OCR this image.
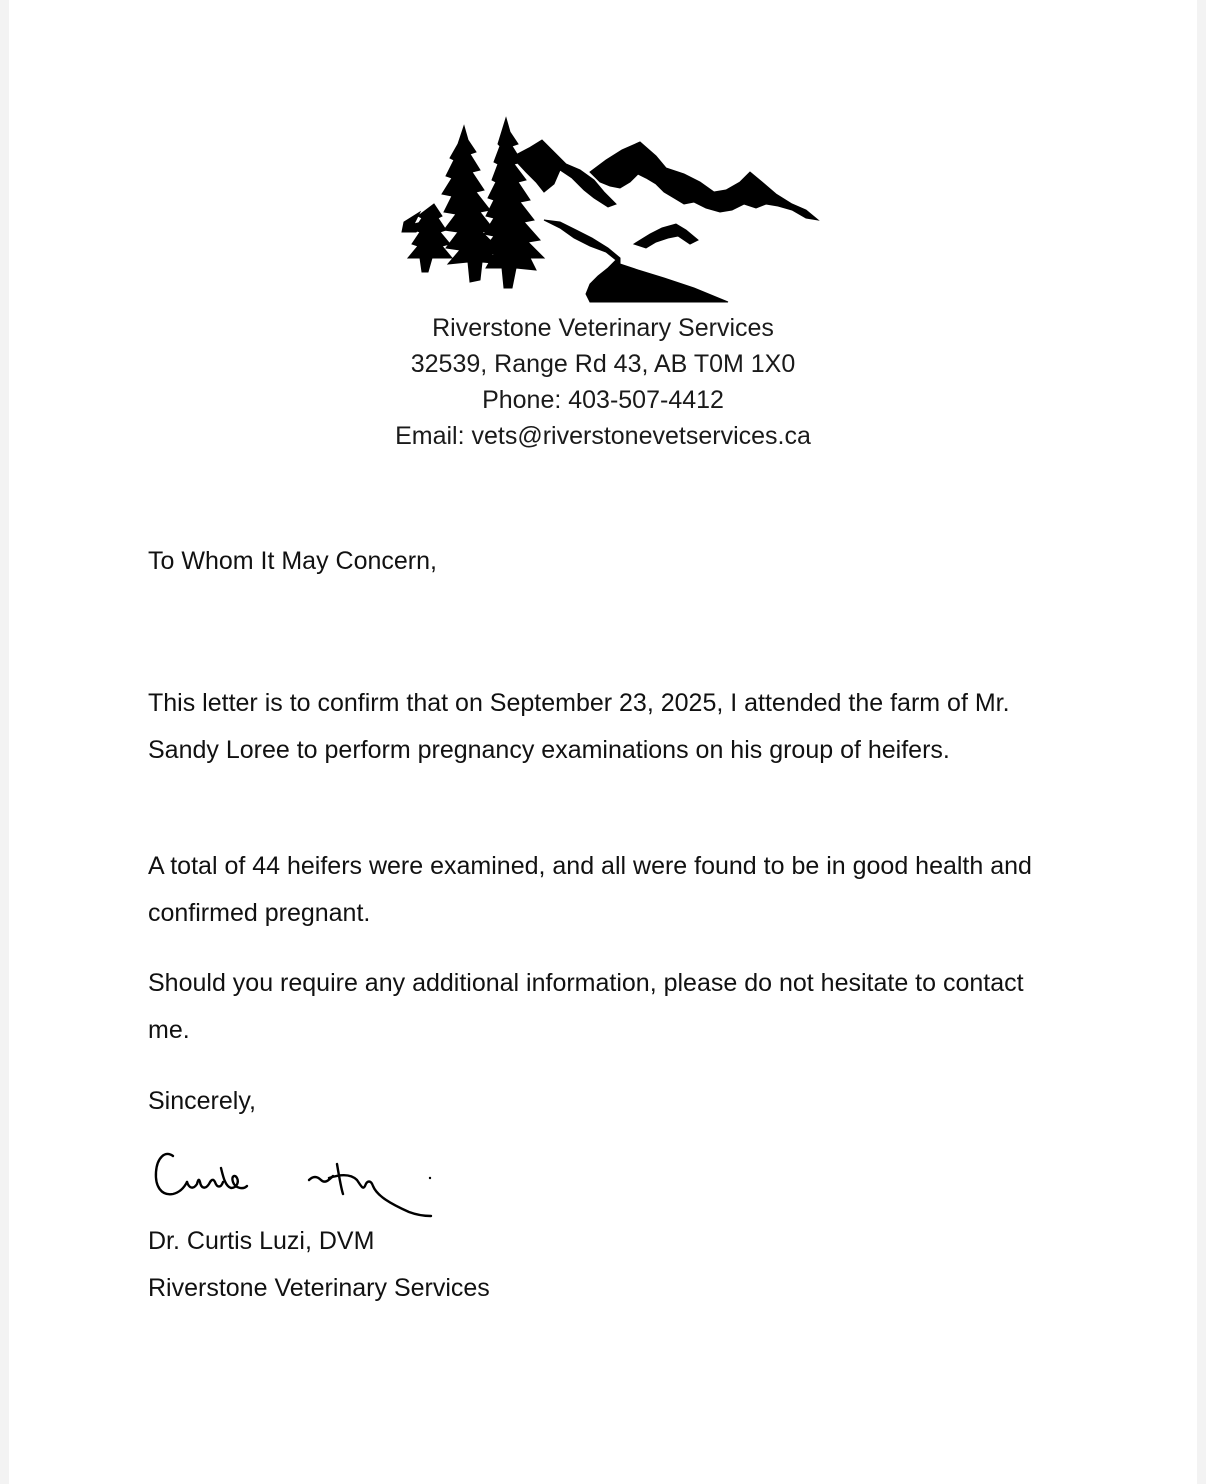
Riverstone Veterinary Services
32539, Range Rd 43, AB T0M 1X0
Phone: 403-507-4412
Email: vets@riverstonevetservices.ca
To Whom It May Concern,
This letter is to confirm that on September 23, 2025, I attended the farm of Mr. Sandy Loree to perform pregnancy examinations on his group of heifers.
A total of 44 heifers were examined, and all were found to be in good health and confirmed pregnant.
Should you require any additional information, please do not hesitate to contact me.
Sincerely,
Dr. Curtis Luzi, DVM
Riverstone Veterinary Services
